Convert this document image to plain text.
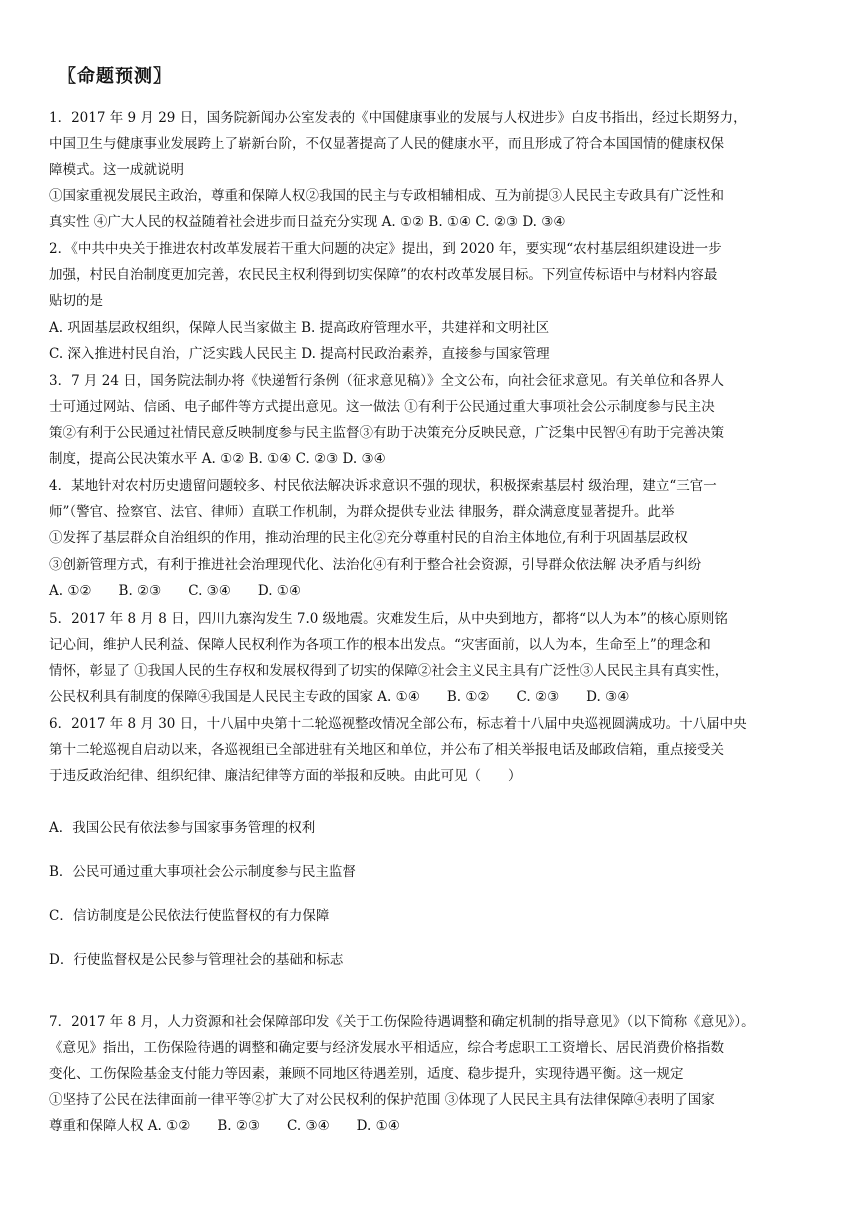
〖命题预测〗
1．2017 年 9 月 29 日，国务院新闻办公室发表的《中国健康事业的发展与人权进步》白皮书指出，经过长期努力，
中国卫生与健康事业发展跨上了崭新台阶，不仅显著提高了人民的健康水平，而且形成了符合本国国情的健康权保
障模式。这一成就说明
①国家重视发展民主政治，尊重和保障人权②我国的民主与专政相辅相成、互为前提③人民民主专政具有广泛性和
真实性 ④广大人民的权益随着社会进步而日益充分实现 A. ①② B. ①④ C. ②③ D. ③④
2．《中共中央关于推进农村改革发展若干重大问题的决定》提出，到 2020 年，要实现“农村基层组织建设进一步
加强，村民自治制度更加完善，农民民主权利得到切实保障”的农村改革发展目标。下列宣传标语中与材料内容最
贴切的是
A. 巩固基层政权组织，保障人民当家做主 B. 提高政府管理水平，共建祥和文明社区
C. 深入推进村民自治，广泛实践人民民主 D. 提高村民政治素养，直接参与国家管理
3．7 月 24 日，国务院法制办将《快递暂行条例（征求意见稿）》全文公布，向社会征求意见。有关单位和各界人
士可通过网站、信函、电子邮件等方式提出意见。这一做法 ①有利于公民通过重大事项社会公示制度参与民主决
策②有利于公民通过社情民意反映制度参与民主监督③有助于决策充分反映民意，广泛集中民智④有助于完善决策
制度，提高公民决策水平 A. ①② B. ①④ C. ②③ D. ③④
4．某地针对农村历史遗留问题较多、村民依法解决诉求意识不强的现状，积极探索基层村 级治理，建立“三官一
师”（警官、捡察官、法官、律师）直联工作机制，为群众提供专业法 律服务，群众满意度显著提升。此举
①发挥了基层群众自治组织的作用，推动治理的民主化②充分尊重村民的自治主体地位,有利于巩固基层政权
③创新管理方式，有利于推进社会治理现代化、法治化④有利于整合社会资源，引导群众依法解 决矛盾与纠纷
A. ①②　　B. ②③　　C. ③④　　D. ①④
5．2017 年 8 月 8 日，四川九寨沟发生 7.0 级地震。灾难发生后，从中央到地方，都将“以人为本”的核心原则铭
记心间，维护人民利益、保障人民权利作为各项工作的根本出发点。“灾害面前，以人为本，生命至上”的理念和
情怀，彰显了 ①我国人民的生存权和发展权得到了切实的保障②社会主义民主具有广泛性③人民民主具有真实性，
公民权利具有制度的保障④我国是人民民主专政的国家 A. ①④　　B. ①②　　C. ②③　　D. ③④
6．2017 年 8 月 30 日，十八届中央第十二轮巡视整改情况全部公布，标志着十八届中央巡视圆满成功。十八届中央
第十二轮巡视自启动以来，各巡视组已全部进驻有关地区和单位，并公布了相关举报电话及邮政信箱，重点接受关
于违反政治纪律、组织纪律、廉洁纪律等方面的举报和反映。由此可见（　　）
A．我国公民有依法参与国家事务管理的权利
B．公民可通过重大事项社会公示制度参与民主监督
C．信访制度是公民依法行使监督权的有力保障
D．行使监督权是公民参与管理社会的基础和标志
7．2017 年 8 月，人力资源和社会保障部印发《关于工伤保险待遇调整和确定机制的指导意见》（以下简称《意见》）。
《意见》指出，工伤保险待遇的调整和确定要与经济发展水平相适应，综合考虑职工工资增长、居民消费价格指数
变化、工伤保险基金支付能力等因素，兼顾不同地区待遇差别，适度、稳步提升，实现待遇平衡。这一规定
①坚持了公民在法律面前一律平等②扩大了对公民权利的保护范围 ③体现了人民民主具有法律保障④表明了国家
尊重和保障人权 A. ①②　　B. ②③　　C. ③④　　D. ①④
